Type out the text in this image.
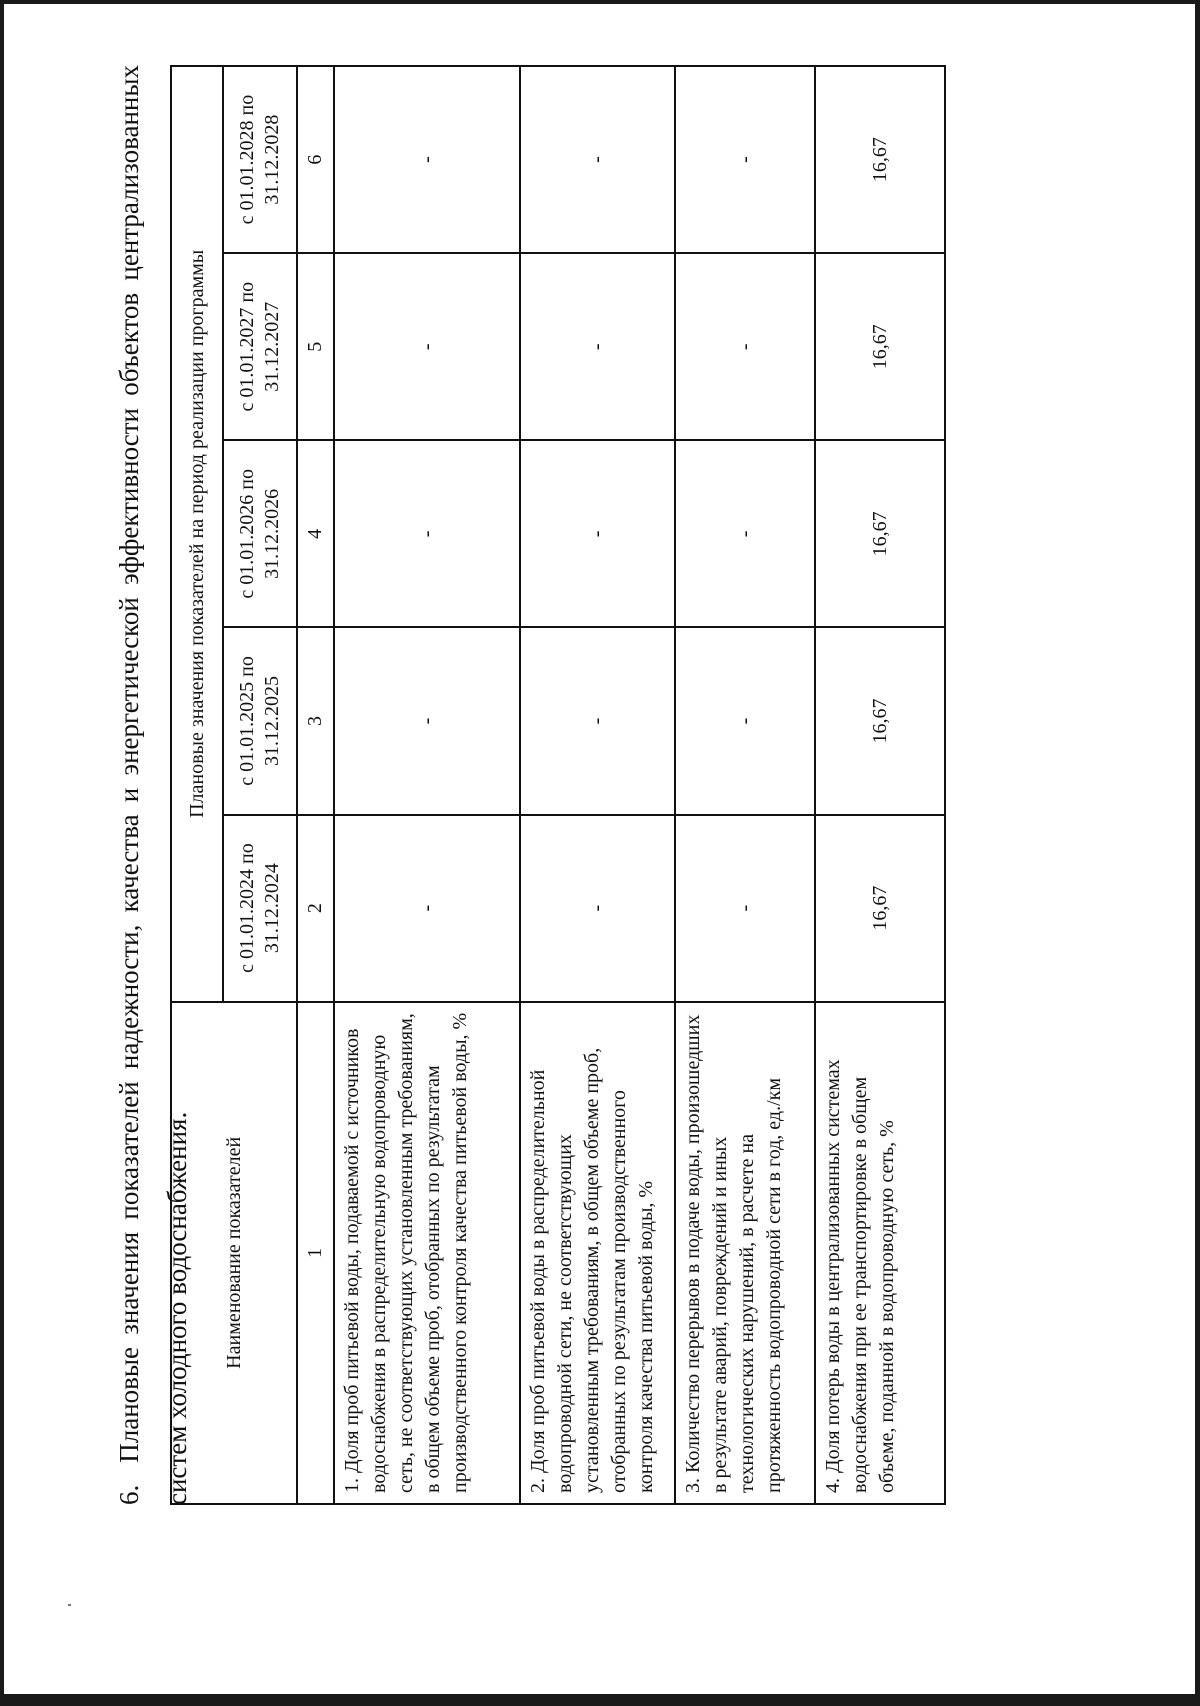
6.Плановые значения показателей надежности, качества и энергетической эффективности объектов централизованных систем холодного водоснабжения.	Наименование показателей	Плановые значения показателей на период реализации программы				
	с 01.01.2024 по 31.12.2024	с 01.01.2025 по 31.12.2025	с 01.01.2026 по 31.12.2026	с 01.01.2027 по 31.12.2027	с 01.01.2028 по 31.12.2028
1	2	3	4	5	6
1. Доля проб питьевой воды, подаваемой с источников водоснабжения в распределительную водопроводную сеть, не соответствующих установленным требованиям, в общем объеме проб, отобранных по результатам производственного контроля качества питьевой воды, %	-	-	-	-	-
2. Доля проб питьевой воды в распределительной водопроводной сети, не соответствующих установленным требованиям, в общем объеме проб, отобранных по результатам производственного контроля качества питьевой воды, %	-	-	-	-	-
3. Количество перерывов в подаче воды, произошедших в результате аварий, повреждений и иных технологических нарушений, в расчете на протяженность водопроводной сети в год, ед./км	-	-	-	-	-
4. Доля потерь воды в централизованных системах водоснабжения при ее транспортировке в общем объеме, поданной в водопроводную сеть, %	16,67	16,67	16,67	16,67	16,67
